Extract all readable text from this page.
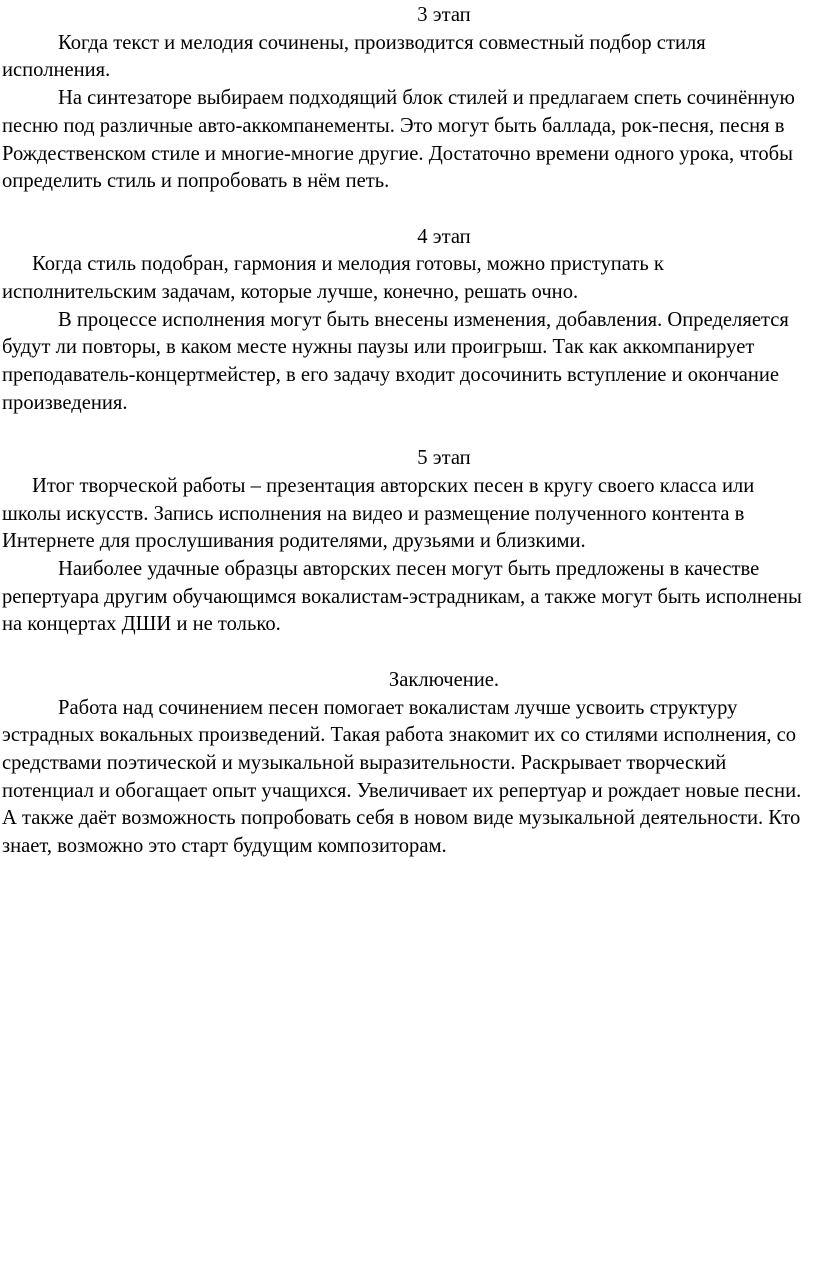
3 этап

Когда текст и мелодия сочинены, производится совместный подбор стиля исполнения.

На синтезаторе выбираем подходящий блок стилей и предлагаем спеть сочинённую песню под различные авто-аккомпанементы. Это могут быть баллада, рок-песня, песня в Рождественском стиле и многие-многие другие. Достаточно времени одного урока, чтобы определить стиль и попробовать в нём петь.

4 этап

Когда стиль подобран, гармония и мелодия готовы, можно приступать к исполнительским задачам, которые лучше, конечно, решать очно.

В процессе исполнения могут быть внесены изменения, добавления. Определяется будут ли повторы, в каком месте нужны паузы или проигрыш. Так как аккомпанирует преподаватель-концертмейстер, в его задачу входит досочинить вступление и окончание произведения.

5 этап

Итог творческой работы – презентация авторских песен в кругу своего класса или школы искусств. Запись исполнения на видео и размещение полученного контента в Интернете для прослушивания родителями, друзьями и близкими.

Наиболее удачные образцы авторских песен могут быть предложены в качестве репертуара другим обучающимся вокалистам-эстрадникам, а также могут быть исполнены на концертах ДШИ и не только.

Заключение.

Работа над сочинением песен помогает вокалистам лучше усвоить структуру эстрадных вокальных произведений. Такая работа знакомит их со стилями исполнения, со средствами поэтической и музыкальной выразительности. Раскрывает творческий потенциал и обогащает опыт учащихся. Увеличивает их репертуар и рождает новые песни. А также даёт возможность попробовать себя в новом виде музыкальной деятельности. Кто знает, возможно это старт будущим композиторам.
